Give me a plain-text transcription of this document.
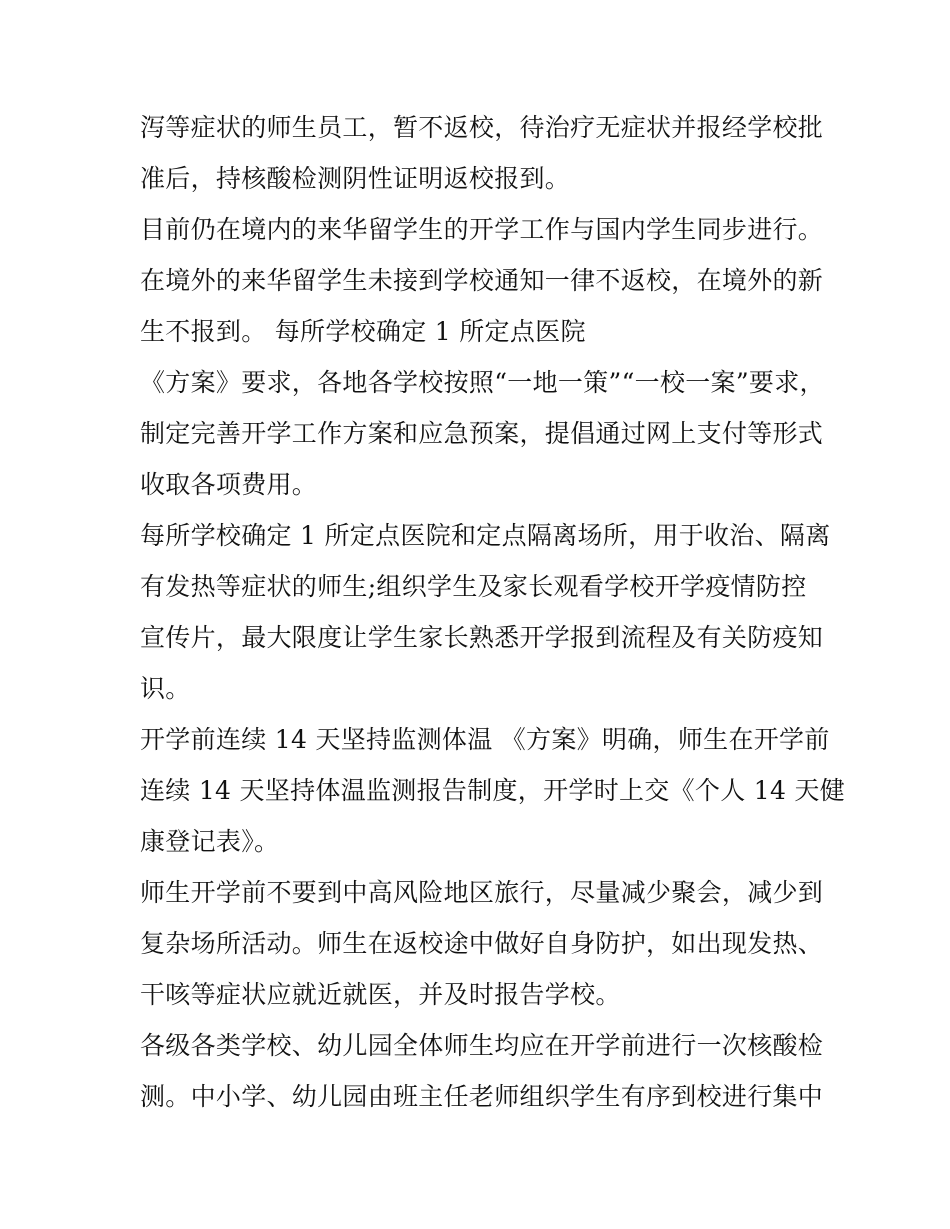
泻等症状的师生员工，暂不返校，待治疗无症状并报经学校批
准后，持核酸检测阴性证明返校报到。
目前仍在境内的来华留学生的开学工作与国内学生同步进行。
在境外的来华留学生未接到学校通知一律不返校，在境外的新
生不报到。 每所学校确定 1 所定点医院
《方案》要求，各地各学校按照“一地一策”“一校一案”要求，
制定完善开学工作方案和应急预案，提倡通过网上支付等形式
收取各项费用。
每所学校确定 1 所定点医院和定点隔离场所，用于收治、隔离
有发热等症状的师生;组织学生及家长观看学校开学疫情防控
宣传片，最大限度让学生家长熟悉开学报到流程及有关防疫知
识。
开学前连续 14 天坚持监测体温 《方案》明确，师生在开学前
连续 14 天坚持体温监测报告制度，开学时上交《个人 14 天健
康登记表》。
师生开学前不要到中高风险地区旅行，尽量减少聚会，减少到
复杂场所活动。师生在返校途中做好自身防护，如出现发热、
干咳等症状应就近就医，并及时报告学校。
各级各类学校、幼儿园全体师生均应在开学前进行一次核酸检
测。中小学、幼儿园由班主任老师组织学生有序到校进行集中
